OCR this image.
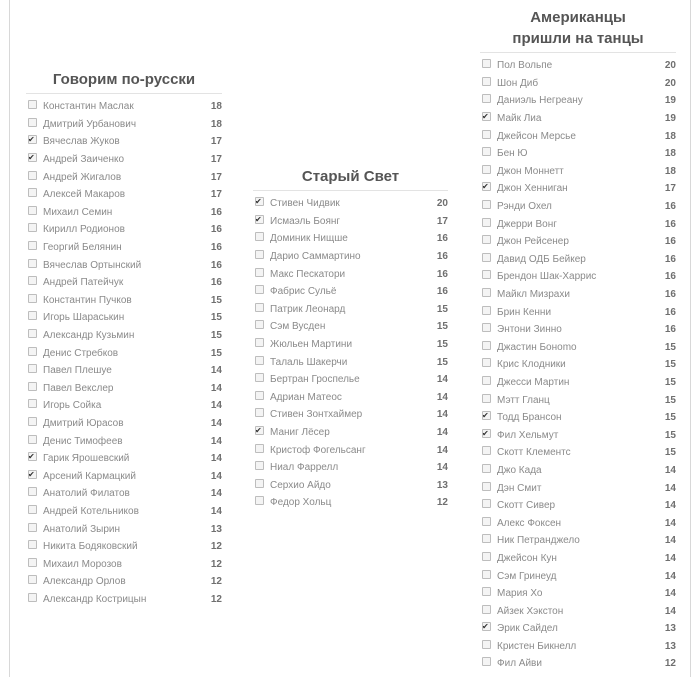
Говорим по-русски
Константин Маслак	18
Дмитрий Урбанович	18
✔
Вячеслав Жуков	17
✔
Андрей Заиченко	17
Андрей Жигалов	17
Алексей Макаров	17
Михаил Семин	16
Кирилл Родионов	16
Георгий Белянин	16
Вячеслав Ортынский	16
Андрей Патейчук	16
Константин Пучков	15
Игорь Шараськин	15
Александр Кузьмин	15
Денис Стребков	15
Павел Плешуе	14
Павел Векслер	14
Игорь Сойка	14
Дмитрий Юрасов	14
Денис Тимофеев	14
✔
Гарик Ярошевский	14
✔
Арсений Кармацкий	14
Анатолий Филатов	14
Андрей Котельников	14
Анатолий Зырин	13
Никита Бодяковский	12
Михаил Морозов	12
Александр Орлов	12
Александр Кострицын	12
Старый Свет
✔
Стивен Чидвик	20
✔
Исмаэль Боянг	17
Доминик Нищше	16
Дарио Саммартино	16
Макс Пескатори	16
Фабрис Сульё	16
Патрик Леонард	15
Сэм Вусден	15
Жюльен Мартини	15
Талаль Шакерчи	15
Бертран Гроспелье	14
Адриан Матеос	14
Стивен Зонтхаймер	14
✔
Маниг Лёсер	14
Кристоф Фогельсанг	14
Ниал Фаррелл	14
Серхио Айдо	13
Федор Хольц	12
Американцы пришли на танцы
Пол Вольпе	20
Шон Диб	20
Даниэль Негреану	19
✔
Майк Лиа	19
Джейсон Мерсье	18
Бен Ю	18
Джон Моннетт	18
✔
Джон Хенниган	17
Рэнди Охел	16
Джерри Вонг	16
Джон Рейсенер	16
Давид ОДБ Бейкер	16
Брендон Шак-Харрис	16
Майкл Мизрахи	16
Брин Кенни	16
Энтони Зинно	16
Джастин Боноmo	15
Крис Клодники	15
Джесси Мартин	15
Мэтт Гланц	15
✔
Тодд Брансон	15
✔
Фил Хельмут	15
Скотт Клементс	15
Джо Када	14
Дэн Смит	14
Скотт Сивер	14
Алекс Фоксен	14
Ник Петранджело	14
Джейсон Кун	14
Сэм Гринеуд	14
Мария Хо	14
Айзек Хэкстон	14
✔
Эрик Сайдел	13
Кристен Бикнелл	13
Фил Айви	12
